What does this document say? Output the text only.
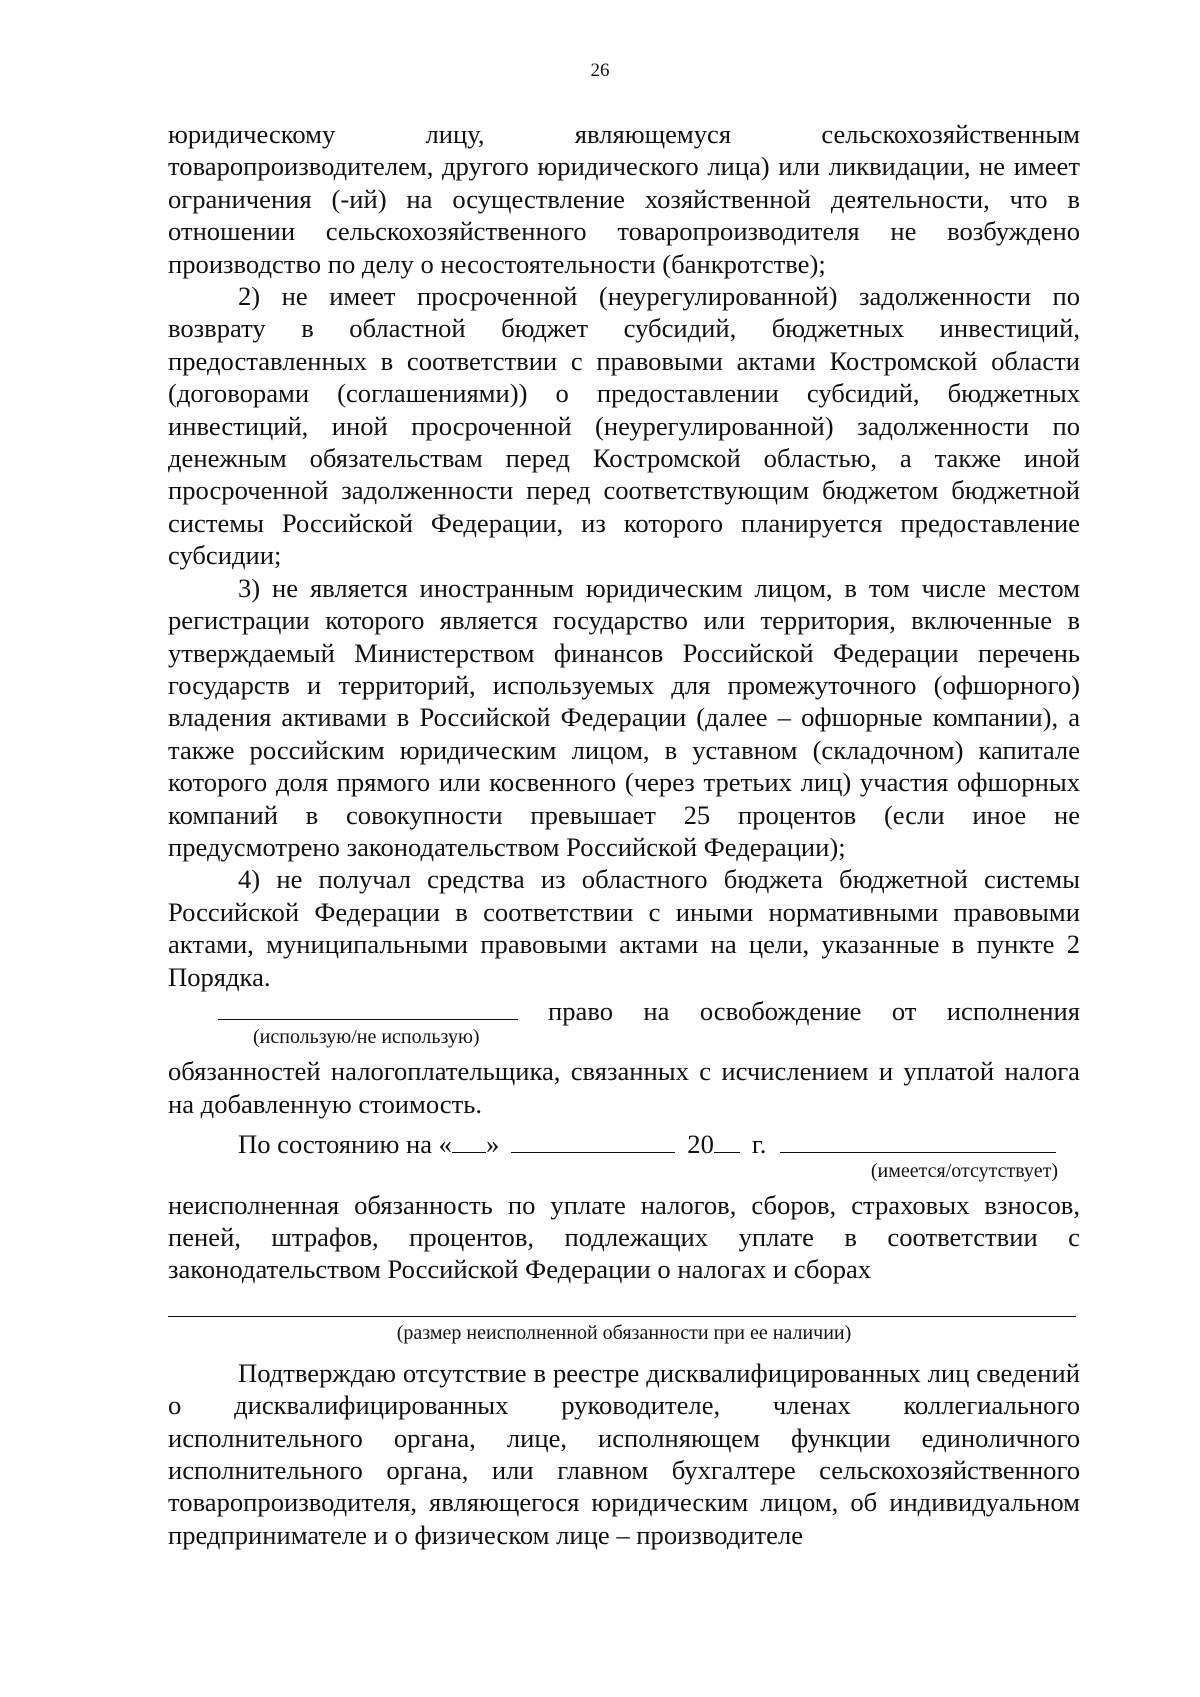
26

юридическому лицу, являющемуся сельскохозяйственным товаропроизводителем, другого юридического лица) или ликвидации, не имеет ограничения (-ий) на осуществление хозяйственной деятельности, что в отношении сельскохозяйственного товаропроизводителя не возбуждено производство по делу о несостоятельности (банкротстве);

2) не имеет просроченной (неурегулированной) задолженности по возврату в областной бюджет субсидий, бюджетных инвестиций, предоставленных в соответствии с правовыми актами Костромской области (договорами (соглашениями)) о предоставлении субсидий, бюджетных инвестиций, иной просроченной (неурегулированной) задолженности по денежным обязательствам перед Костромской областью, а также иной просроченной задолженности перед соответствующим бюджетом бюджетной системы Российской Федерации, из которого планируется предоставление субсидии;

3) не является иностранным юридическим лицом, в том числе местом регистрации которого является государство или территория, включенные в утверждаемый Министерством финансов Российской Федерации перечень государств и территорий, используемых для промежуточного (офшорного) владения активами в Российской Федерации (далее – офшорные компании), а также российским юридическим лицом, в уставном (складочном) капитале которого доля прямого или косвенного (через третьих лиц) участия офшорных компаний в совокупности превышает 25 процентов (если иное не предусмотрено законодательством Российской Федерации);

4) не получал средства из областного бюджета бюджетной системы Российской Федерации в соответствии с иными нормативными правовыми актами, муниципальными правовыми актами на цели, указанные в пункте 2 Порядка.

право на освобождение от исполнения
(использую/не использую)

обязанностей налогоплательщика, связанных с исчислением и уплатой налога на добавленную стоимость.

По состоянию на « »	20 г.
(имеется/отсутствует)

неисполненная обязанность по уплате налогов, сборов, страховых взносов, пеней, штрафов, процентов, подлежащих уплате в соответствии с законодательством Российской Федерации о налогах и сборах

(размер неисполненной обязанности при ее наличии)

Подтверждаю отсутствие в реестре дисквалифицированных лиц сведений о дисквалифицированных руководителе, членах коллегиального исполнительного органа, лице, исполняющем функции единоличного исполнительного органа, или главном бухгалтере сельскохозяйственного товаропроизводителя, являющегося юридическим лицом, об индивидуальном предпринимателе и о физическом лице – производителе
